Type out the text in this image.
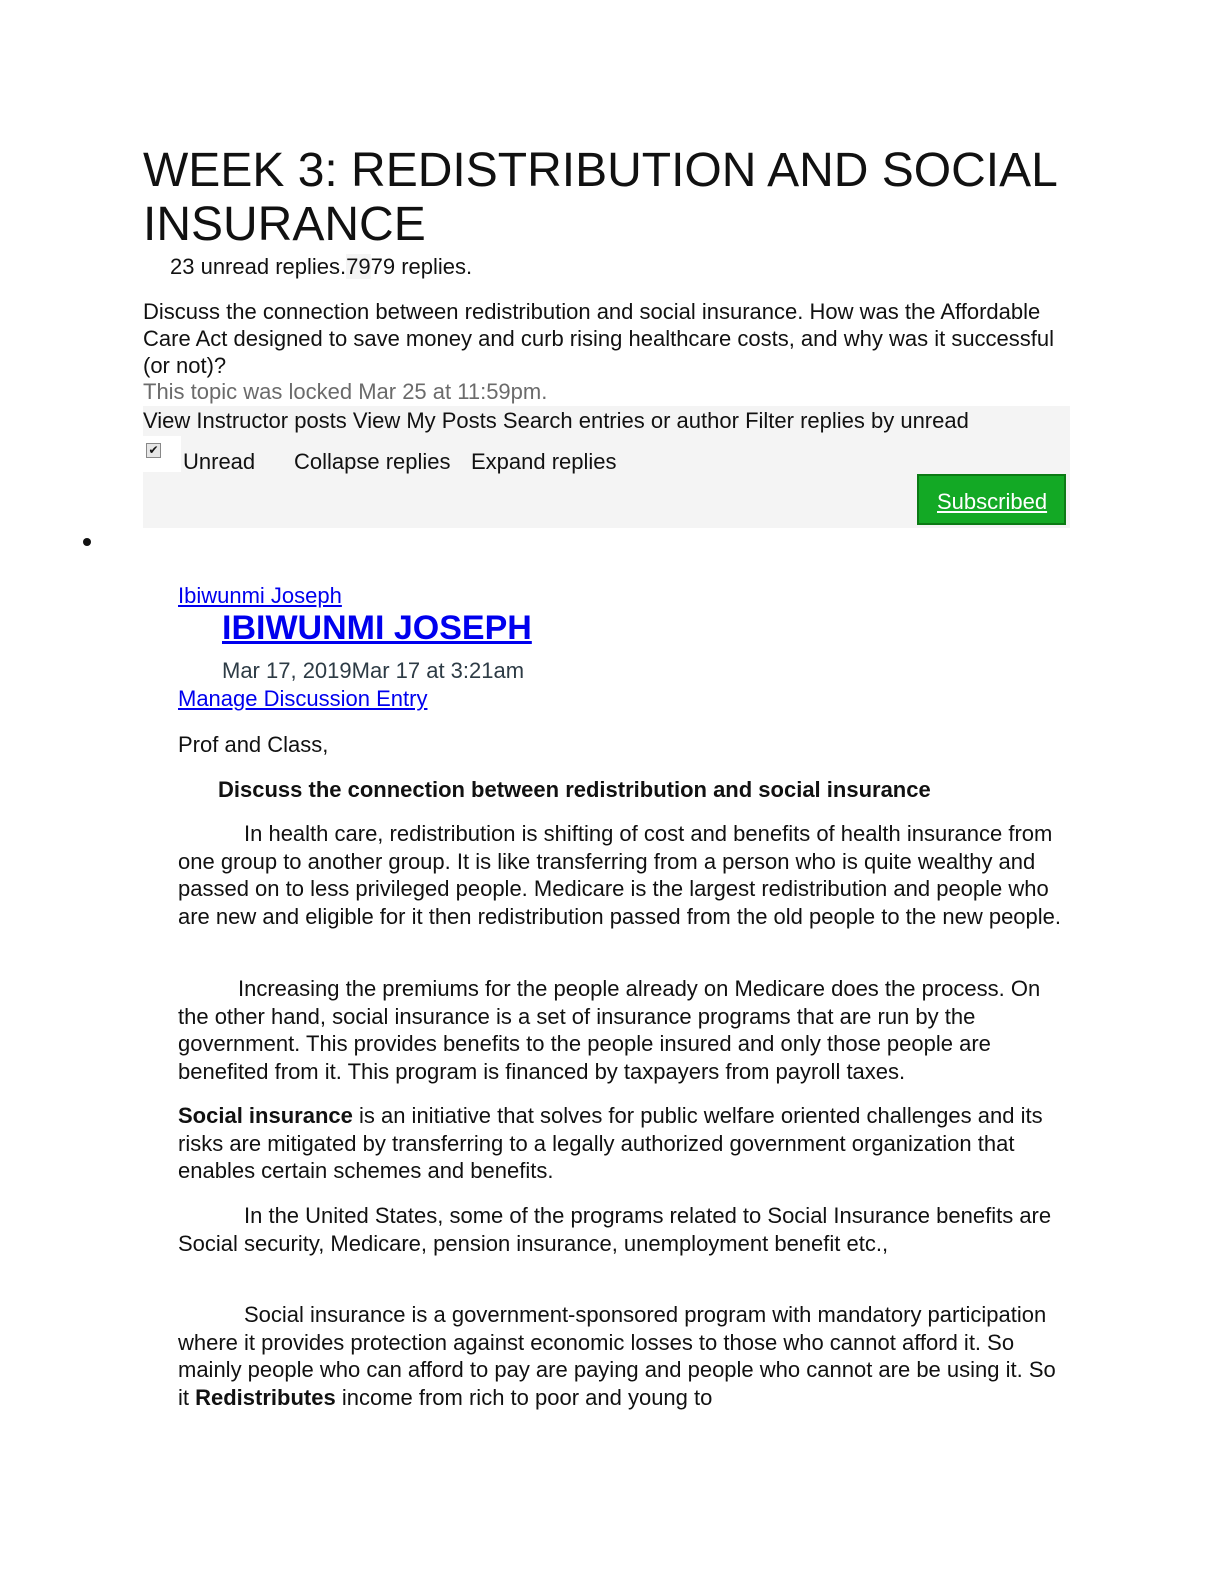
WEEK 3: REDISTRIBUTION AND SOCIAL INSURANCE
23 unread replies.7979 replies.

Discuss the connection between redistribution and social insurance. How was the Affordable Care Act designed to save money and curb rising healthcare costs, and why was it successful (or not)?

This topic was locked Mar 25 at 11:59pm.
View Instructor posts View My Posts Search entries or author Filter replies by unread
✔ Unread Collapse replies Expand replies
Subscribed
Ibiwunmi Joseph
IBIWUNMI JOSEPH
Mar 17, 2019Mar 17 at 3:21am
Manage Discussion Entry

Prof and Class,

Discuss the connection between redistribution and social insurance

In health care, redistribution is shifting of cost and benefits of health insurance from one group to another group. It is like transferring from a person who is quite wealthy and passed on to less privileged people. Medicare is the largest redistribution and people who are new and eligible for it then redistribution passed from the old people to the new people.

Increasing the premiums for the people already on Medicare does the process. On the other hand, social insurance is a set of insurance programs that are run by the government. This provides benefits to the people insured and only those people are benefited from it. This program is financed by taxpayers from payroll taxes.

Social insurance is an initiative that solves for public welfare oriented challenges and its risks are mitigated by transferring to a legally authorized government organization that enables certain schemes and benefits.

In the United States, some of the programs related to Social Insurance benefits are Social security, Medicare, pension insurance, unemployment benefit etc.,

Social insurance is a government-sponsored program with mandatory participation where it provides protection against economic losses to those who cannot afford it. So mainly people who can afford to pay are paying and people who cannot are be using it. So it Redistributes income from rich to poor and young to
